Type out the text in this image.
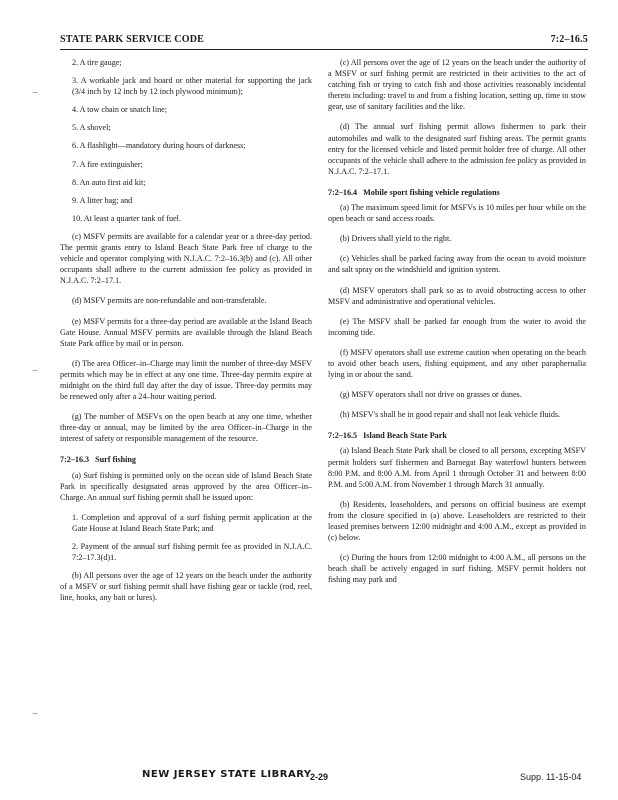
STATE PARK SERVICE CODE	7:2–16.5

2. A tire gauge;

3. A workable jack and board or other material for supporting the jack (3/4 inch by 12 inch by 12 inch plywood minimum);

4. A tow chain or snatch line;

5. A shovel;

6. A flashlight—mandatory during hours of darkness;

7. A fire extinguisher;

8. An auto first aid kit;

9. A litter bag; and

10. At least a quarter tank of fuel.

(c) MSFV permits are available for a calendar year or a three-day period. The permit grants entry to Island Beach State Park free of charge to the vehicle and operator complying with N.J.A.C. 7:2–16.3(b) and (c). All other occupants shall adhere to the current admission fee policy as provided in N.J.A.C. 7:2–17.1.

(d) MSFV permits are non-refundable and non-transferable.

(e) MSFV permits for a three-day period are available at the Island Beach Gate House. Annual MSFV permits are available through the Island Beach State Park office by mail or in person.

(f) The area Officer–in–Charge may limit the number of three-day MSFV permits which may be in effect at any one time. Three-day permits expire at midnight on the third full day after the day of issue. Three-day permits may be renewed only after a 24–hour waiting period.

(g) The number of MSFVs on the open beach at any one time, whether three-day or annual, may be limited by the area Officer–in–Charge in the interest of safety or responsible management of the resource.

7:2–16.3 Surf fishing

(a) Surf fishing is permitted only on the ocean side of Island Beach State Park in specifically designated areas approved by the area Officer–in–Charge. An annual surf fishing permit shall be issued upon:

1. Completion and approval of a surf fishing permit application at the Gate House at Island Beach State Park; and

2. Payment of the annual surf fishing permit fee as provided in N.J.A.C. 7:2–17.3(d)1.

(b) All persons over the age of 12 years on the beach under the authority of a MSFV or surf fishing permit shall have fishing gear or tackle (rod, reel, line, hooks, any bait or lures).

(c) All persons over the age of 12 years on the beach under the authority of a MSFV or surf fishing permit are restricted in their activities to the act of catching fish or trying to catch fish and those activities reasonably incidental thereto including: travel to and from a fishing location, setting up, time to stow gear, use of sanitary facilities and the like.

(d) The annual surf fishing permit allows fishermen to park their automobiles and walk to the designated surf fishing areas. The permit grants entry for the licensed vehicle and listed permit holder free of charge. All other occupants of the vehicle shall adhere to the admission fee policy as provided in N.J.A.C. 7:2–17.1.

7:2–16.4 Mobile sport fishing vehicle regulations

(a) The maximum speed limit for MSFVs is 10 miles per hour while on the open beach or sand access roads.

(b) Drivers shall yield to the right.

(c) Vehicles shall be parked facing away from the ocean to avoid moisture and salt spray on the windshield and ignition system.

(d) MSFV operators shall park so as to avoid obstructing access to other MSFV and administrative and operational vehicles.

(e) The MSFV shall be parked far enough from the water to avoid the incoming tide.

(f) MSFV operators shall use extreme caution when operating on the beach to avoid other beach users, fishing equipment, and any other paraphernalia lying in or about the sand.

(g) MSFV operators shall not drive on grasses or dunes.

(h) MSFV's shall be in good repair and shall not leak vehicle fluids.

7:2–16.5 Island Beach State Park

(a) Island Beach State Park shall be closed to all persons, excepting MSFV permit holders surf fishermen and Barnegat Bay waterfowl hunters between 8:00 P.M. and 8:00 A.M. from April 1 through October 31 and between 8:00 P.M. and 5:00 A.M. from November 1 through March 31 annually.

(b) Residents, leaseholders, and persons on official business are exempt from the closure specified in (a) above. Leaseholders are restricted to their leased premises between 12:00 midnight and 4:00 A.M., except as provided in (c) below.

(c) During the hours from 12:00 midnight to 4:00 A.M., all persons on the beach shall be actively engaged in surf fishing. MSFV permit holders not fishing may park and

⌣
⌣
⌣
NEW JERSEY STATE LIBRARY
2-29	Supp. 11-15-04
